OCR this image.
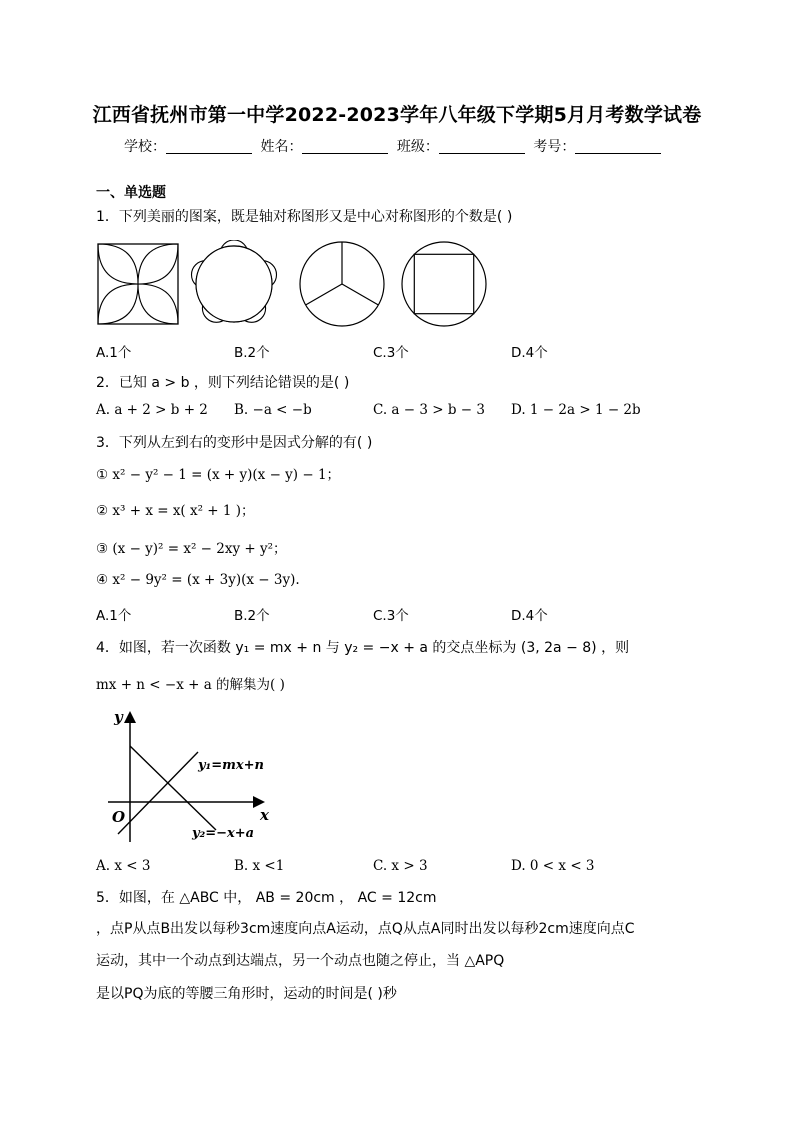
江西省抚州市第一中学2022-2023学年八年级下学期5月月考数学试卷
学校：	姓名：	班级：	考号：
一、单选题
1．下列美丽的图案，既是轴对称图形又是中心对称图形的个数是( )
A.1个	B.2个	C.3个	D.4个
2．已知 a > b ，则下列结论错误的是( )
A. a + 2 > b + 2 B. −a < −b	C. a − 3 > b − 3 D. 1 − 2a > 1 − 2b
3．下列从左到右的变形中是因式分解的有( )
① x² − y² − 1 = (x + y)(x − y) − 1；
② x³ + x = x( x² + 1 )；
③ (x − y)² = x² − 2xy + y²；
④ x² − 9y² = (x + 3y)(x − 3y).
A.1个	B.2个	C.3个	D.4个
4．如图，若一次函数 y₁ = mx + n 与 y₂ = −x + a 的交点坐标为 (3, 2a − 8) ，则
mx + n < −x + a 的解集为( )
y
x
O
y₁=mx+n
y₂=−x+a
A. x < 3	B. x <1	C. x > 3	D. 0 < x < 3
5．如图，在 △ABC 中， AB = 20cm ， AC = 12cm
，点P从点B出发以每秒3cm速度向点A运动，点Q从点A同时出发以每秒2cm速度向点C
运动，其中一个动点到达端点，另一个动点也随之停止，当 △APQ
是以PQ为底的等腰三角形时，运动的时间是( )秒
